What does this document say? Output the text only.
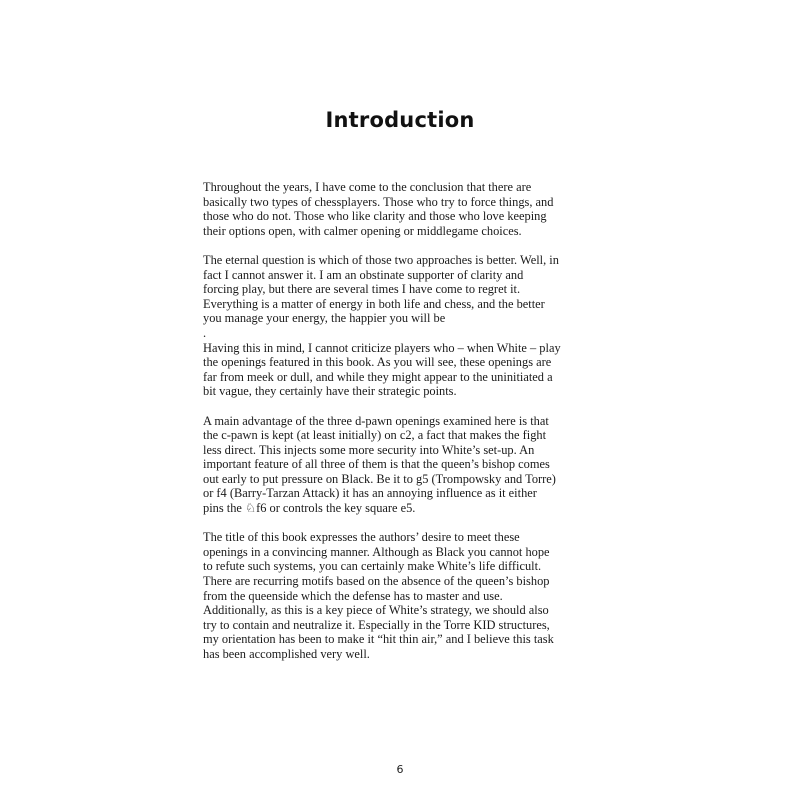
Introduction

Throughout the years, I have come to the conclusion that there are
basically two types of chessplayers. Those who try to force things, and
those who do not. Those who like clarity and those who love keeping
their options open, with calmer opening or middlegame choices.

The eternal question is which of those two approaches is better. Well, in
fact I cannot answer it. I am an obstinate supporter of clarity and
forcing play, but there are several times I have come to regret it.
Everything is a matter of energy in both life and chess, and the better
you manage your energy, the happier you will be

.

Having this in mind, I cannot criticize players who – when White – play
the openings featured in this book. As you will see, these openings are
far from meek or dull, and while they might appear to the uninitiated a
bit vague, they certainly have their strategic points.

A main advantage of the three d-pawn openings examined here is that
the c-pawn is kept (at least initially) on c2, a fact that makes the fight
less direct. This injects some more security into White’s set-up. An
important feature of all three of them is that the queen’s bishop comes
out early to put pressure on Black. Be it to g5 (Trompowsky and Torre)
or f4 (Barry-Tarzan Attack) it has an annoying influence as it either
pins the ♘f6 or controls the key square e5.

The title of this book expresses the authors’ desire to meet these
openings in a convincing manner. Although as Black you cannot hope
to refute such systems, you can certainly make White’s life difficult.
There are recurring motifs based on the absence of the queen’s bishop
from the queenside which the defense has to master and use.
Additionally, as this is a key piece of White’s strategy, we should also
try to contain and neutralize it. Especially in the Torre KID structures,
my orientation has been to make it “hit thin air,” and I believe this task
has been accomplished very well.

6
